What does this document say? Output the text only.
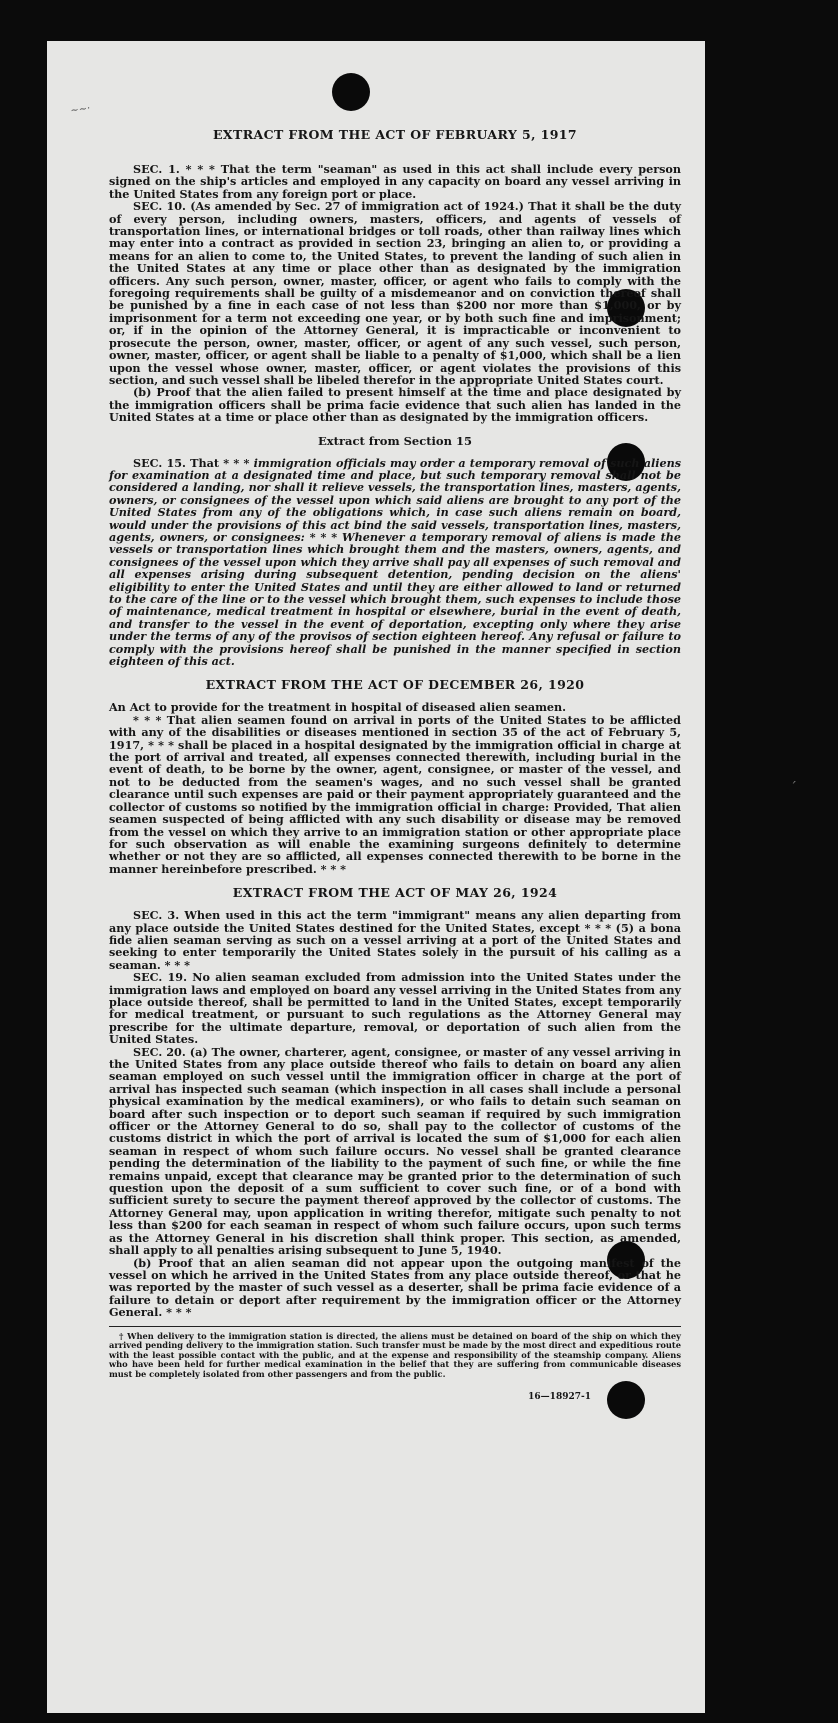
~~·
EXTRACT FROM THE ACT OF FEBRUARY 5, 1917

SEC. 1. * * * That the term "seaman" as used in this act shall include every person signed on the ship's articles and employed in any capacity on board any vessel arriving in the United States from any foreign port or place.

SEC. 10. (As amended by Sec. 27 of immigration act of 1924.) That it shall be the duty of every person, including owners, masters, officers, and agents of vessels of transportation lines, or international bridges or toll roads, other than railway lines which may enter into a contract as provided in section 23, bringing an alien to, or providing a means for an alien to come to, the United States, to prevent the landing of such alien in the United States at any time or place other than as designated by the immigration officers. Any such person, owner, master, officer, or agent who fails to comply with the foregoing requirements shall be guilty of a misdemeanor and on conviction thereof shall be punished by a fine in each case of not less than $200 nor more than $1,000, or by imprisonment for a term not exceeding one year, or by both such fine and imprisonment; or, if in the opinion of the Attorney General, it is impracticable or inconvenient to prosecute the person, owner, master, officer, or agent of any such vessel, such person, owner, master, officer, or agent shall be liable to a penalty of $1,000, which shall be a lien upon the vessel whose owner, master, officer, or agent violates the provisions of this section, and such vessel shall be libeled therefor in the appropriate United States court.

(b) Proof that the alien failed to present himself at the time and place designated by the immigration officers shall be prima facie evidence that such alien has landed in the United States at a time or place other than as designated by the immigration officers.

Extract from Section 15

SEC. 15. That * * * immigration officials may order a temporary removal of such aliens for examination at a designated time and place, but such temporary removal shall not be considered a landing, nor shall it relieve vessels, the transportation lines, masters, agents, owners, or consignees of the vessel upon which said aliens are brought to any port of the United States from any of the obligations which, in case such aliens remain on board, would under the provisions of this act bind the said vessels, transportation lines, masters, agents, owners, or consignees: * * * Whenever a temporary removal of aliens is made the vessels or transportation lines which brought them and the masters, owners, agents, and consignees of the vessel upon which they arrive shall pay all expenses of such removal and all expenses arising during subsequent detention, pending decision on the aliens' eligibility to enter the United States and until they are either allowed to land or returned to the care of the line or to the vessel which brought them, such expenses to include those of maintenance, medical treatment in hospital or elsewhere, burial in the event of death, and transfer to the vessel in the event of deportation, excepting only where they arise under the terms of any of the provisos of section eighteen hereof. Any refusal or failure to comply with the provisions hereof shall be punished in the manner specified in section eighteen of this act.

EXTRACT FROM THE ACT OF DECEMBER 26, 1920

An Act to provide for the treatment in hospital of diseased alien seamen.

* * * That alien seamen found on arrival in ports of the United States to be afflicted with any of the disabilities or diseases mentioned in section 35 of the act of February 5, 1917, * * * shall be placed in a hospital designated by the immigration official in charge at the port of arrival and treated, all expenses connected therewith, including burial in the event of death, to be borne by the owner, agent, consignee, or master of the vessel, and not to be deducted from the seamen's wages, and no such vessel shall be granted clearance until such expenses are paid or their payment appropriately guaranteed and the collector of customs so notified by the immigration official in charge: Provided, That alien seamen suspected of being afflicted with any such disability or disease may be removed from the vessel on which they arrive to an immigration station or other appropriate place for such observation as will enable the examining surgeons definitely to determine whether or not they are so afflicted, all expenses connected therewith to be borne in the manner hereinbefore prescribed. * * *

EXTRACT FROM THE ACT OF MAY 26, 1924

SEC. 3. When used in this act the term "immigrant" means any alien departing from any place outside the United States destined for the United States, except * * * (5) a bona fide alien seaman serving as such on a vessel arriving at a port of the United States and seeking to enter temporarily the United States solely in the pursuit of his calling as a seaman. * * *

SEC. 19. No alien seaman excluded from admission into the United States under the immigration laws and employed on board any vessel arriving in the United States from any place outside thereof, shall be permitted to land in the United States, except temporarily for medical treatment, or pursuant to such regulations as the Attorney General may prescribe for the ultimate departure, removal, or deportation of such alien from the United States.

SEC. 20. (a) The owner, charterer, agent, consignee, or master of any vessel arriving in the United States from any place outside thereof who fails to detain on board any alien seaman employed on such vessel until the immigration officer in charge at the port of arrival has inspected such seaman (which inspection in all cases shall include a personal physical examination by the medical examiners), or who fails to detain such seaman on board after such inspection or to deport such seaman if required by such immigration officer or the Attorney General to do so, shall pay to the collector of customs of the customs district in which the port of arrival is located the sum of $1,000 for each alien seaman in respect of whom such failure occurs. No vessel shall be granted clearance pending the determination of the liability to the payment of such fine, or while the fine remains unpaid, except that clearance may be granted prior to the determination of such question upon the deposit of a sum sufficient to cover such fine, or of a bond with sufficient surety to secure the payment thereof approved by the collector of customs. The Attorney General may, upon application in writing therefor, mitigate such penalty to not less than $200 for each seaman in respect of whom such failure occurs, upon such terms as the Attorney General in his discretion shall think proper. This section, as amended, shall apply to all penalties arising subsequent to June 5, 1940.

(b) Proof that an alien seaman did not appear upon the outgoing manifest of the vessel on which he arrived in the United States from any place outside thereof, or that he was reported by the master of such vessel as a deserter, shall be prima facie evidence of a failure to detain or deport after requirement by the immigration officer or the Attorney General. * * *

† When delivery to the immigration station is directed, the aliens must be detained on board of the ship on which they arrived pending delivery to the immigration station. Such transfer must be made by the most direct and expeditious route with the least possible contact with the public, and at the expense and responsibility of the steamship company. Aliens who have been held for further medical examination in the belief that they are suffering from communicable diseases must be completely isolated from other passengers and from the public.

16—18927-1
ˊ
